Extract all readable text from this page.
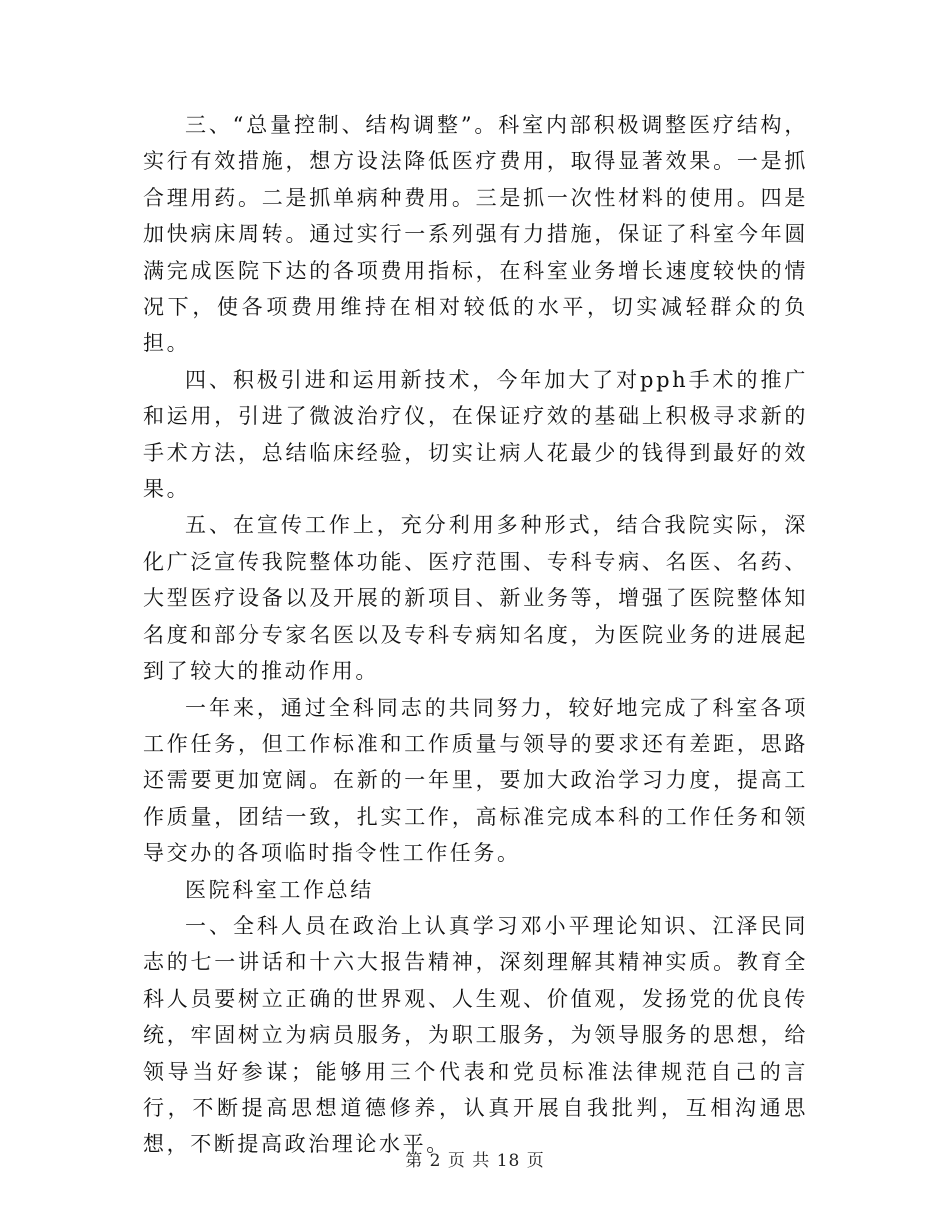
三、“总量控制、结构调整”。科室内部积极调整医疗结构，实行有效措施，想方设法降低医疗费用，取得显著效果。一是抓合理用药。二是抓单病种费用。三是抓一次性材料的使用。四是加快病床周转。通过实行一系列强有力措施，保证了科室今年圆满完成医院下达的各项费用指标，在科室业务增长速度较快的情况下，使各项费用维持在相对较低的水平，切实减轻群众的负担。

四、积极引进和运用新技术，今年加大了对pph手术的推广和运用，引进了微波治疗仪，在保证疗效的基础上积极寻求新的手术方法，总结临床经验，切实让病人花最少的钱得到最好的效果。

五、在宣传工作上，充分利用多种形式，结合我院实际，深化广泛宣传我院整体功能、医疗范围、专科专病、名医、名药、大型医疗设备以及开展的新项目、新业务等，增强了医院整体知名度和部分专家名医以及专科专病知名度，为医院业务的进展起到了较大的推动作用。

一年来，通过全科同志的共同努力，较好地完成了科室各项工作任务，但工作标准和工作质量与领导的要求还有差距，思路还需要更加宽阔。在新的一年里，要加大政治学习力度，提高工作质量，团结一致，扎实工作，高标准完成本科的工作任务和领导交办的各项临时指令性工作任务。

医院科室工作总结

一、全科人员在政治上认真学习邓小平理论知识、江泽民同志的七一讲话和十六大报告精神，深刻理解其精神实质。教育全科人员要树立正确的世界观、人生观、价值观，发扬党的优良传统，牢固树立为病员服务，为职工服务，为领导服务的思想，给领导当好参谋；能够用三个代表和党员标准法律规范自己的言行，不断提高思想道德修养，认真开展自我批判，互相沟通思想，不断提高政治理论水平。

第 2 页 共 18 页
